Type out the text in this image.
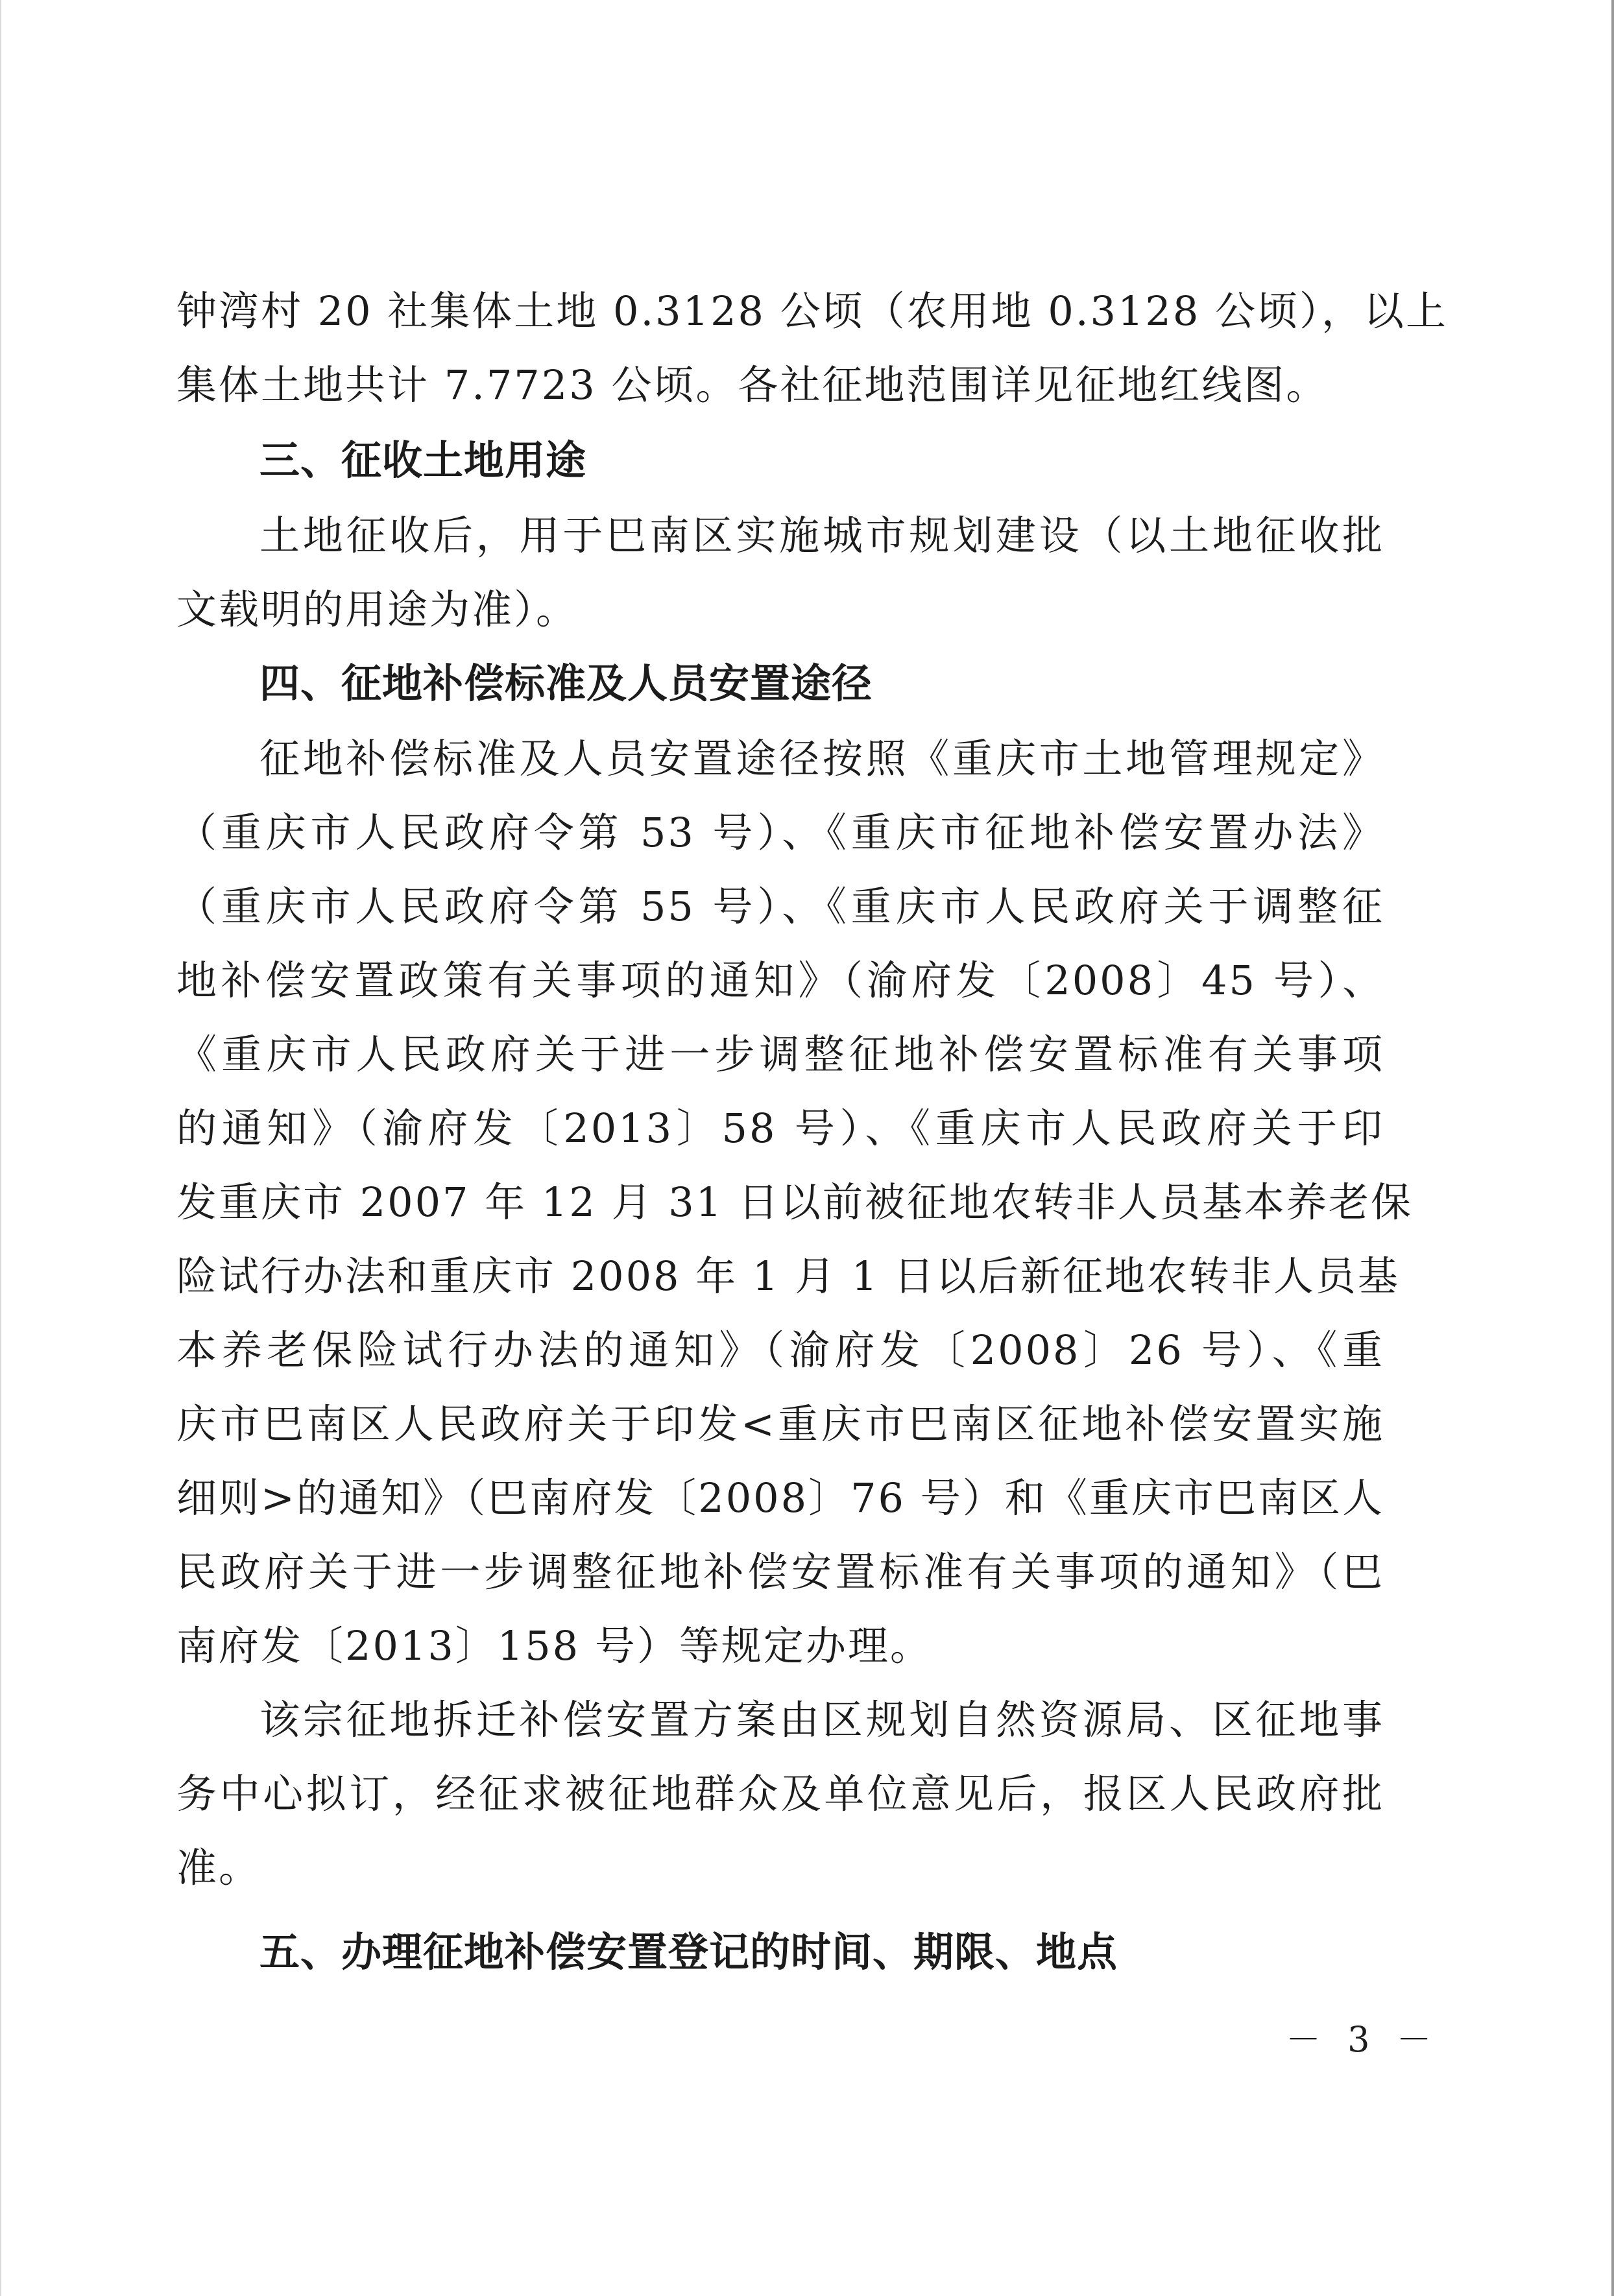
钟湾村 20 社集体土地 0.3128 公顷（农用地 0.3128 公顷），以上
集体土地共计 7.7723 公顷。各社征地范围详见征地红线图。
三、征收土地用途
土地征收后，用于巴南区实施城市规划建设（以土地征收批
文载明的用途为准）。
四、征地补偿标准及人员安置途径
征地补偿标准及人员安置途径按照《重庆市土地管理规定》
（重庆市人民政府令第 53 号）、《重庆市征地补偿安置办法》
（重庆市人民政府令第 55 号）、《重庆市人民政府关于调整征
地补偿安置政策有关事项的通知》（渝府发〔2008〕45 号）、
《重庆市人民政府关于进一步调整征地补偿安置标准有关事项
的通知》（渝府发〔2013〕58 号）、《重庆市人民政府关于印
发重庆市 2007 年 12 月 31 日以前被征地农转非人员基本养老保
险试行办法和重庆市 2008 年 1 月 1 日以后新征地农转非人员基
本养老保险试行办法的通知》（渝府发〔2008〕26 号）、《重
庆市巴南区人民政府关于印发<重庆市巴南区征地补偿安置实施
细则>的通知》（巴南府发〔2008〕76 号）和《重庆市巴南区人
民政府关于进一步调整征地补偿安置标准有关事项的通知》（巴
南府发〔2013〕158 号）等规定办理。
该宗征地拆迁补偿安置方案由区规划自然资源局、区征地事
务中心拟订，经征求被征地群众及单位意见后，报区人民政府批
准。
五、办理征地补偿安置登记的时间、期限、地点
－ 3 －
